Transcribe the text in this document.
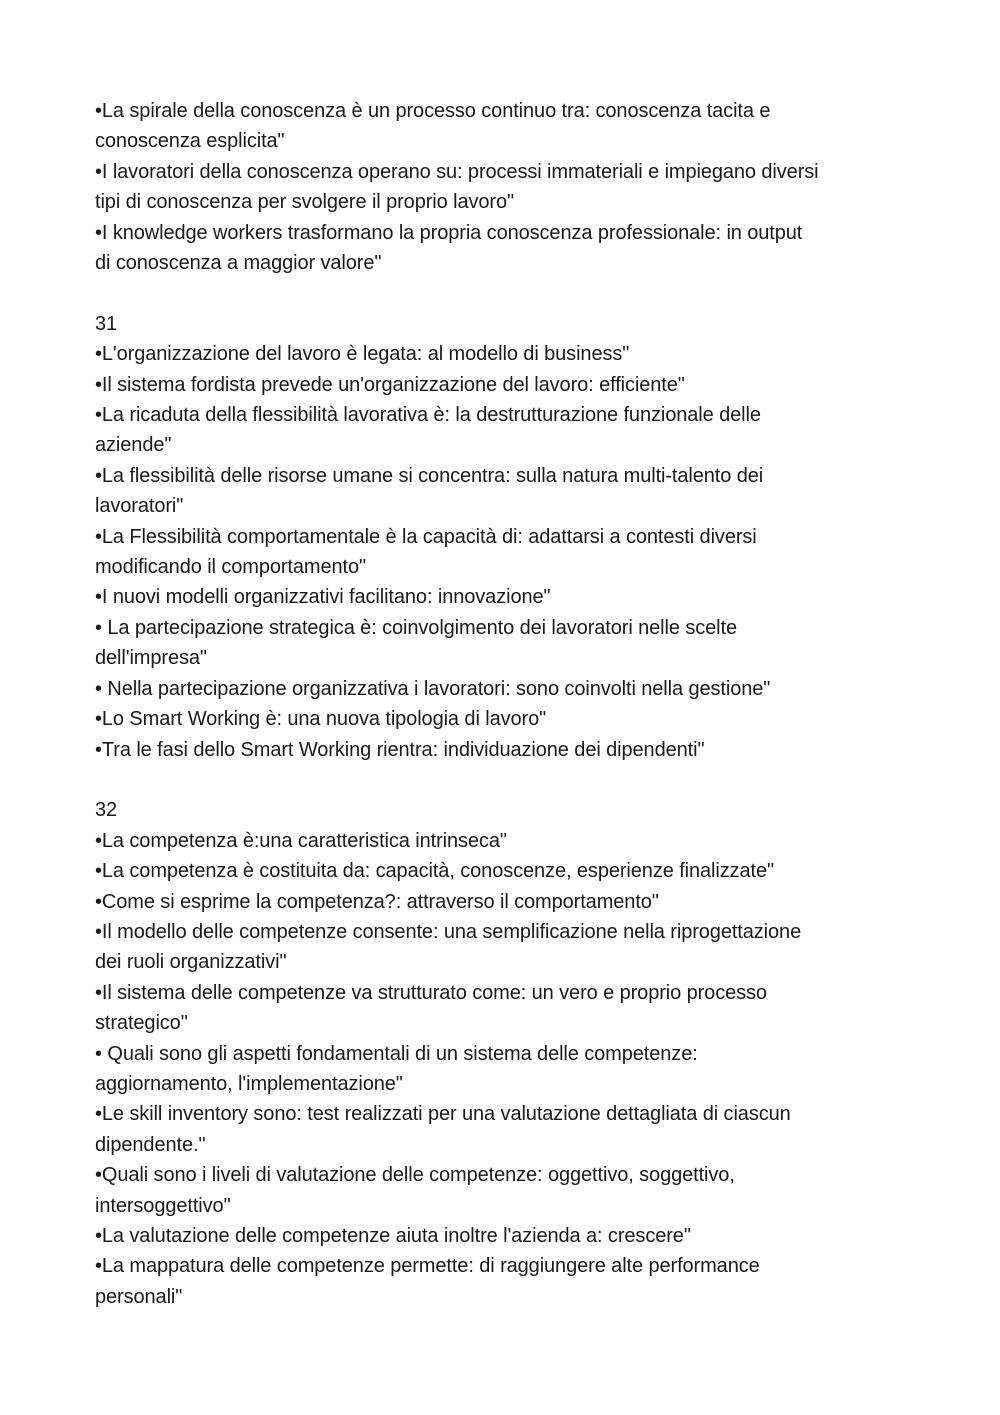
•La spirale della conoscenza è un processo continuo tra: conoscenza tacita e
conoscenza esplicita"
•I lavoratori della conoscenza operano su: processi immateriali e impiegano diversi
tipi di conoscenza per svolgere il proprio lavoro"
•I knowledge workers trasformano la propria conoscenza professionale: in output
di conoscenza a maggior valore"
31
•L'organizzazione del lavoro è legata: al modello di business"
•Il sistema fordista prevede un'organizzazione del lavoro: efficiente"
•La ricaduta della flessibilità lavorativa è: la destrutturazione funzionale delle
aziende"
•La flessibilità delle risorse umane si concentra: sulla natura multi-talento dei
lavoratori"
•La Flessibilità comportamentale è la capacità di: adattarsi a contesti diversi
modificando il comportamento"
•I nuovi modelli organizzativi facilitano: innovazione"
• La partecipazione strategica è: coinvolgimento dei lavoratori nelle scelte
dell'impresa"
• Nella partecipazione organizzativa i lavoratori: sono coinvolti nella gestione"
•Lo Smart Working è: una nuova tipologia di lavoro"
•Tra le fasi dello Smart Working rientra: individuazione dei dipendenti"
32
•La competenza è:una caratteristica intrinseca"
•La competenza è costituita da: capacità, conoscenze, esperienze finalizzate"
•Come si esprime la competenza?: attraverso il comportamento"
•Il modello delle competenze consente: una semplificazione nella riprogettazione
dei ruoli organizzativi"
•Il sistema delle competenze va strutturato come: un vero e proprio processo
strategico"
• Quali sono gli aspetti fondamentali di un sistema delle competenze:
aggiornamento, l'implementazione"
•Le skill inventory sono: test realizzati per una valutazione dettagliata di ciascun
dipendente."
•Quali sono i liveli di valutazione delle competenze: oggettivo, soggettivo,
intersoggettivo"
•La valutazione delle competenze aiuta inoltre l'azienda a: crescere"
•La mappatura delle competenze permette: di raggiungere alte performance
personali"
